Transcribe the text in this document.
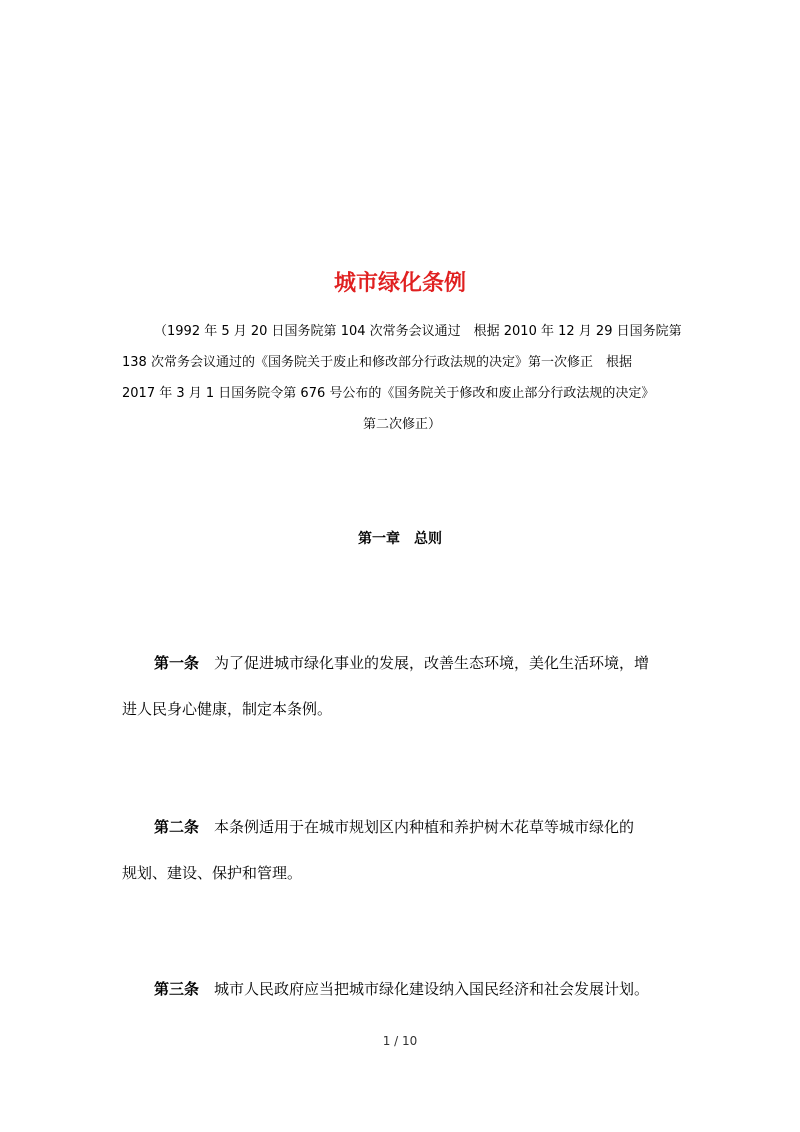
城市绿化条例
（1992 年 5 月 20 日国务院第 104 次常务会议通过　根据 2010 年 12 月 29 日国务院第
138 次常务会议通过的《国务院关于废止和修改部分行政法规的决定》第一次修正　根据
2017 年 3 月 1 日国务院令第 676 号公布的《国务院关于修改和废止部分行政法规的决定》
第二次修正）
第一章　总则
第一条　 为了促进城市绿化事业的发展，改善生态环境，美化生活环境，增
进人民身心健康，制定本条例。
第二条　 本条例适用于在城市规划区内种植和养护树木花草等城市绿化的
规划、建设、保护和管理。
第三条　 城市人民政府应当把城市绿化建设纳入国民经济和社会发展计划。
1 / 10
